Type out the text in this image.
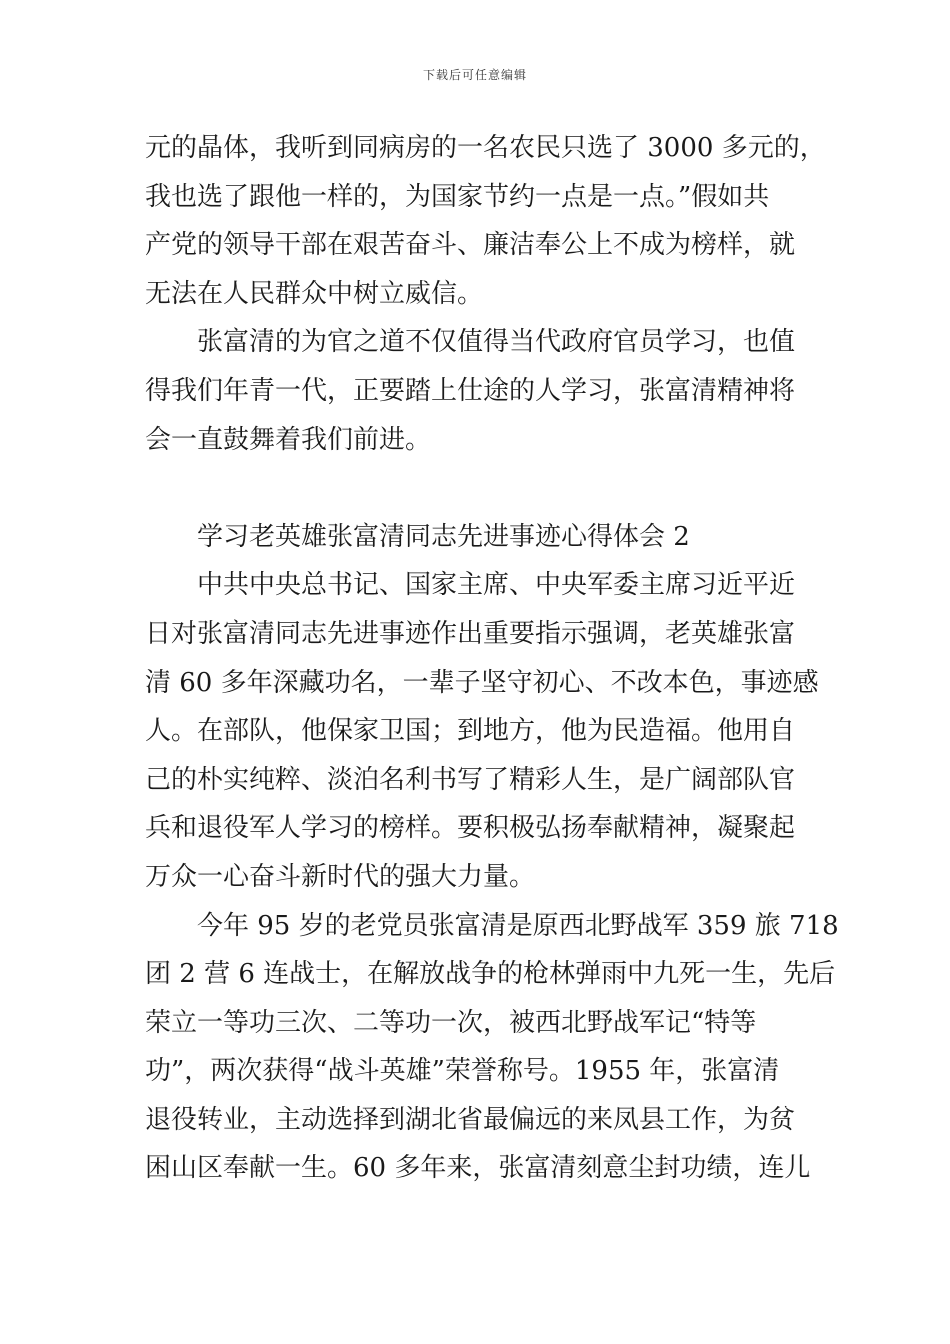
下载后可任意编辑
元的晶体，我听到同病房的一名农民只选了 3000 多元的，
我也选了跟他一样的，为国家节约一点是一点。”假如共
产党的领导干部在艰苦奋斗、廉洁奉公上不成为榜样，就
无法在人民群众中树立威信。
张富清的为官之道不仅值得当代政府官员学习，也值
得我们年青一代，正要踏上仕途的人学习，张富清精神将
会一直鼓舞着我们前进。
学习老英雄张富清同志先进事迹心得体会 2
中共中央总书记、国家主席、中央军委主席习近平近
日对张富清同志先进事迹作出重要指示强调，老英雄张富
清 60 多年深藏功名，一辈子坚守初心、不改本色，事迹感
人。在部队，他保家卫国；到地方，他为民造福。他用自
己的朴实纯粹、淡泊名利书写了精彩人生，是广阔部队官
兵和退役军人学习的榜样。要积极弘扬奉献精神，凝聚起
万众一心奋斗新时代的强大力量。
今年 95 岁的老党员张富清是原西北野战军 359 旅 718
团 2 营 6 连战士，在解放战争的枪林弹雨中九死一生，先后
荣立一等功三次、二等功一次，被西北野战军记“特等
功”，两次获得“战斗英雄”荣誉称号。1955 年，张富清
退役转业，主动选择到湖北省最偏远的来凤县工作，为贫
困山区奉献一生。60 多年来，张富清刻意尘封功绩，连儿
